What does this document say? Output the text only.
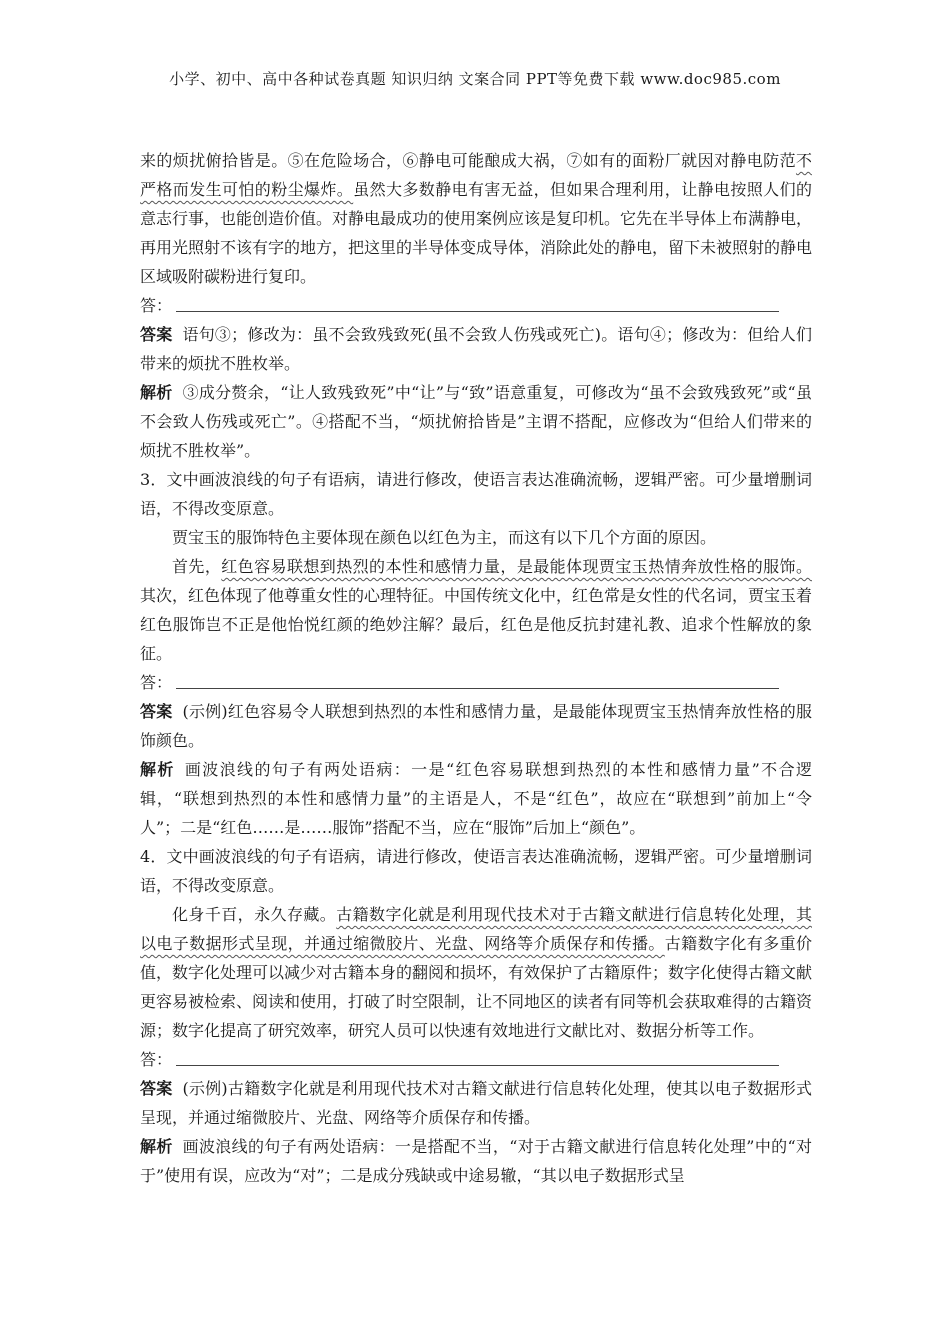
小学、初中、高中各种试卷真题 知识归纳 文案合同 PPT等免费下载 www.doc985.com

来的烦扰俯拾皆是。⑤在危险场合，⑥静电可能酿成大祸，⑦如有的面粉厂就因对静电防范不严格而发生可怕的粉尘爆炸。虽然大多数静电有害无益，但如果合理利用，让静电按照人们的意志行事，也能创造价值。对静电最成功的使用案例应该是复印机。它先在半导体上布满静电，再用光照射不该有字的地方，把这里的半导体变成导体，消除此处的静电，留下未被照射的静电区域吸附碳粉进行复印。

答：

答案 语句③；修改为：虽不会致残致死(虽不会致人伤残或死亡)。语句④；修改为：但给人们带来的烦扰不胜枚举。

解析 ③成分赘余，“让人致残致死”中“让”与“致”语意重复，可修改为“虽不会致残致死”或“虽不会致人伤残或死亡”。④搭配不当，“烦扰俯拾皆是”主谓不搭配，应修改为“但给人们带来的烦扰不胜枚举”。

3．文中画波浪线的句子有语病，请进行修改，使语言表达准确流畅，逻辑严密。可少量增删词语，不得改变原意。

贾宝玉的服饰特色主要体现在颜色以红色为主，而这有以下几个方面的原因。

首先，红色容易联想到热烈的本性和感情力量，是最能体现贾宝玉热情奔放性格的服饰。其次，红色体现了他尊重女性的心理特征。中国传统文化中，红色常是女性的代名词，贾宝玉着红色服饰岂不正是他怡悦红颜的绝妙注解？最后，红色是他反抗封建礼教、追求个性解放的象征。

答：

答案 (示例)红色容易令人联想到热烈的本性和感情力量，是最能体现贾宝玉热情奔放性格的服饰颜色。

解析 画波浪线的句子有两处语病：一是“红色容易联想到热烈的本性和感情力量”不合逻辑，“联想到热烈的本性和感情力量”的主语是人，不是“红色”，故应在“联想到”前加上“令人”；二是“红色……是……服饰”搭配不当，应在“服饰”后加上“颜色”。

4．文中画波浪线的句子有语病，请进行修改，使语言表达准确流畅，逻辑严密。可少量增删词语，不得改变原意。

化身千百，永久存藏。古籍数字化就是利用现代技术对于古籍文献进行信息转化处理，其以电子数据形式呈现，并通过缩微胶片、光盘、网络等介质保存和传播。古籍数字化有多重价值，数字化处理可以减少对古籍本身的翻阅和损坏，有效保护了古籍原件；数字化使得古籍文献更容易被检索、阅读和使用，打破了时空限制，让不同地区的读者有同等机会获取难得的古籍资源；数字化提高了研究效率，研究人员可以快速有效地进行文献比对、数据分析等工作。

答：

答案 (示例)古籍数字化就是利用现代技术对古籍文献进行信息转化处理，使其以电子数据形式呈现，并通过缩微胶片、光盘、网络等介质保存和传播。

解析 画波浪线的句子有两处语病：一是搭配不当，“对于古籍文献进行信息转化处理”中的“对于”使用有误，应改为“对”；二是成分残缺或中途易辙，“其以电子数据形式呈
